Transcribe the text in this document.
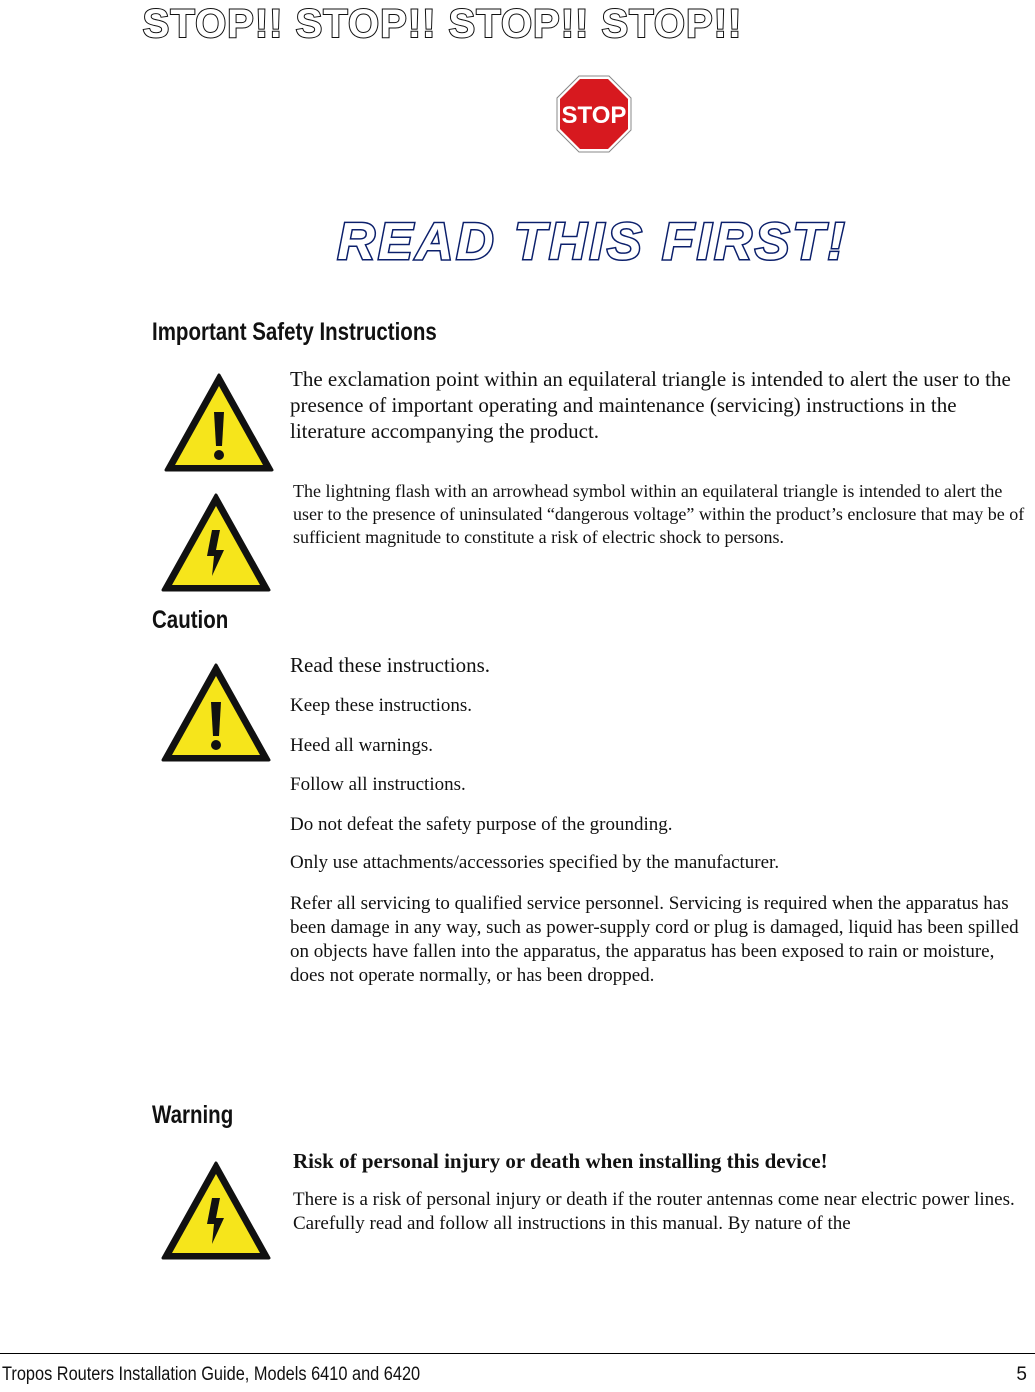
STOP!! STOP!! STOP!! STOP!!
STOP
READ THIS FIRST!
Important Safety Instructions
The exclamation point within an equilateral triangle is intended to alert the user to the presence of important operating and maintenance (servicing) instructions in the literature accompanying the product.
The lightning flash with an arrowhead symbol within an equilateral triangle is intended to alert the user to the presence of uninsulated “dangerous voltage” within the product’s enclosure that may be of sufficient magnitude to constitute a risk of electric shock to persons.
Caution
Read these instructions.
Keep these instructions.
Heed all warnings.
Follow all instructions.
Do not defeat the safety purpose of the grounding.
Only use attachments/accessories specified by the manufacturer.
Refer all servicing to qualified service personnel. Servicing is required when the apparatus has been damage in any way, such as power-supply cord or plug is damaged, liquid has been spilled on objects have fallen into the apparatus, the apparatus has been exposed to rain or moisture, does not operate normally, or has been dropped.
Warning
Risk of personal injury or death when installing this device!
There is a risk of personal injury or death if the router antennas come near electric power lines. Carefully read and follow all instructions in this manual. By nature of the
Tropos Routers Installation Guide, Models 6410 and 6420	5
